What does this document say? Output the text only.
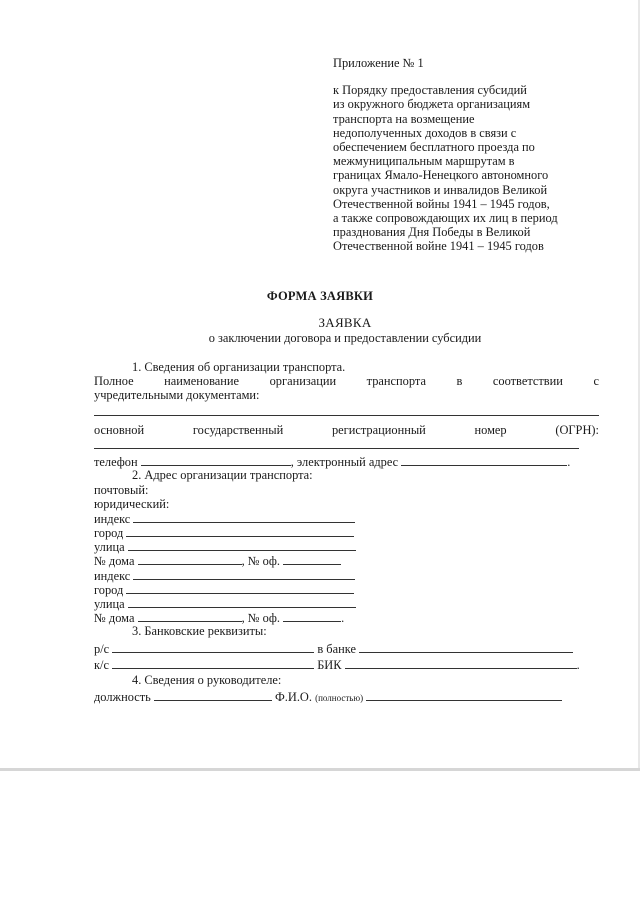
Приложение № 1
к Порядку предоставления субсидий
из окружного бюджета организациям
транспорта на возмещение
недополученных доходов в связи с
обеспечением бесплатного проезда по
межмуниципальным маршрутам в
границах Ямало-Ненецкого автономного
округа участников и инвалидов Великой
Отечественной войны 1941 – 1945 годов,
а также сопровождающих их лиц в период
празднования Дня Победы в Великой
Отечественной войне 1941 – 1945 годов
ФОРМА ЗАЯВКИ
ЗАЯВКА
о заключении договора и предоставлении субсидии
1. Сведения об организации транспорта.
Полное наименование организации транспорта в соответствии с
учредительными документами:
основной	государственный	регистрационный	номер	(ОГРН):
телефон	, электронный адрес	.
2. Адрес организации транспорта:
почтовый:
юридический:
индекс
город
улица
№ дома	, № оф.
индекс
город
улица
№ дома	, № оф.	.
3. Банковские реквизиты:
р/с	в банке
к/с	БИК	.
4. Сведения о руководителе:
должность	Ф.И.О. (полностью)
